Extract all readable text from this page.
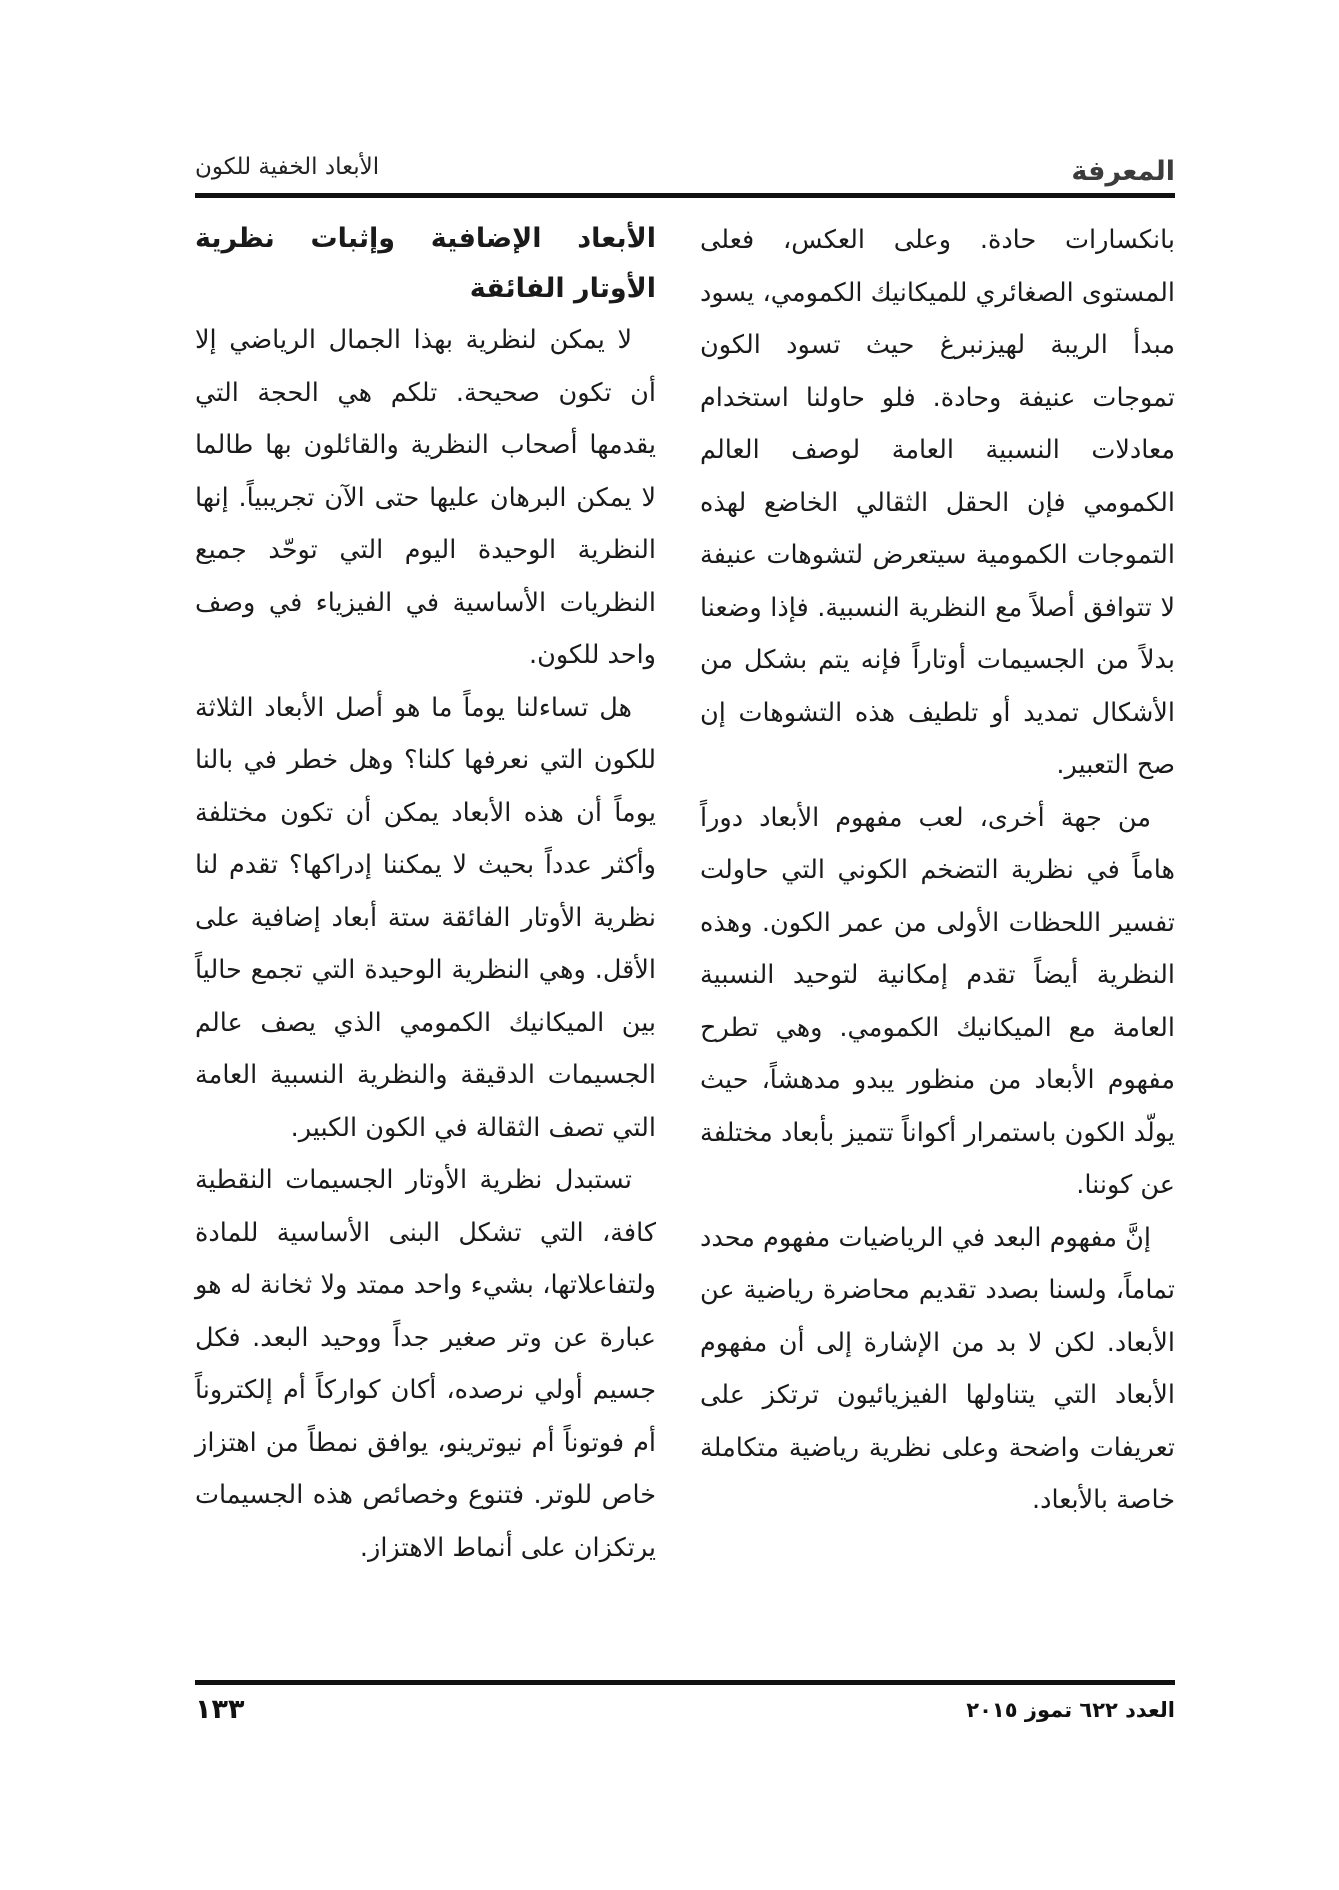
المعرفة
الأبعاد الخفية للكون

بانكسارات حادة. وعلى العكس، فعلى المستوى الصغائري للميكانيك الكمومي، يسود مبدأ الريبة لهيزنبرغ حيث تسود الكون تموجات عنيفة وحادة. فلو حاولنا استخدام معادلات النسبية العامة لوصف العالم الكمومي فإن الحقل الثقالي الخاضع لهذه التموجات الكمومية سيتعرض لتشوهات عنيفة لا تتوافق أصلاً مع النظرية النسبية. فإذا وضعنا بدلاً من الجسيمات أوتاراً فإنه يتم بشكل من الأشكال تمديد أو تلطيف هذه التشوهات إن صح التعبير.

من جهة أخرى، لعب مفهوم الأبعاد دوراً هاماً في نظرية التضخم الكوني التي حاولت تفسير اللحظات الأولى من عمر الكون. وهذه النظرية أيضاً تقدم إمكانية لتوحيد النسبية العامة مع الميكانيك الكمومي. وهي تطرح مفهوم الأبعاد من منظور يبدو مدهشاً، حيث يولّد الكون باستمرار أكواناً تتميز بأبعاد مختلفة عن كوننا.

إنَّ مفهوم البعد في الرياضيات مفهوم محدد تماماً، ولسنا بصدد تقديم محاضرة رياضية عن الأبعاد. لكن لا بد من الإشارة إلى أن مفهوم الأبعاد التي يتناولها الفيزيائيون ترتكز على تعريفات واضحة وعلى نظرية رياضية متكاملة خاصة بالأبعاد.

الأبعاد الإضافية وإثبات نظرية الأوتار الفائقة

لا يمكن لنظرية بهذا الجمال الرياضي إلا أن تكون صحيحة. تلكم هي الحجة التي يقدمها أصحاب النظرية والقائلون بها طالما لا يمكن البرهان عليها حتى الآن تجريبياً. إنها النظرية الوحيدة اليوم التي توحّد جميع النظريات الأساسية في الفيزياء في وصف واحد للكون.

هل تساءلنا يوماً ما هو أصل الأبعاد الثلاثة للكون التي نعرفها كلنا؟ وهل خطر في بالنا يوماً أن هذه الأبعاد يمكن أن تكون مختلفة وأكثر عدداً بحيث لا يمكننا إدراكها؟ تقدم لنا نظرية الأوتار الفائقة ستة أبعاد إضافية على الأقل. وهي النظرية الوحيدة التي تجمع حالياً بين الميكانيك الكمومي الذي يصف عالم الجسيمات الدقيقة والنظرية النسبية العامة التي تصف الثقالة في الكون الكبير.

تستبدل نظرية الأوتار الجسيمات النقطية كافة، التي تشكل البنى الأساسية للمادة ولتفاعلاتها، بشيء واحد ممتد ولا ثخانة له هو عبارة عن وتر صغير جداً ووحيد البعد. فكل جسيم أولي نرصده، أكان كواركاً أم إلكتروناً أم فوتوناً أم نيوترينو، يوافق نمطاً من اهتزاز خاص للوتر. فتنوع وخصائص هذه الجسيمات يرتكزان على أنماط الاهتزاز.

العدد ٦٢٢ تموز ٢٠١٥
١٣٣
